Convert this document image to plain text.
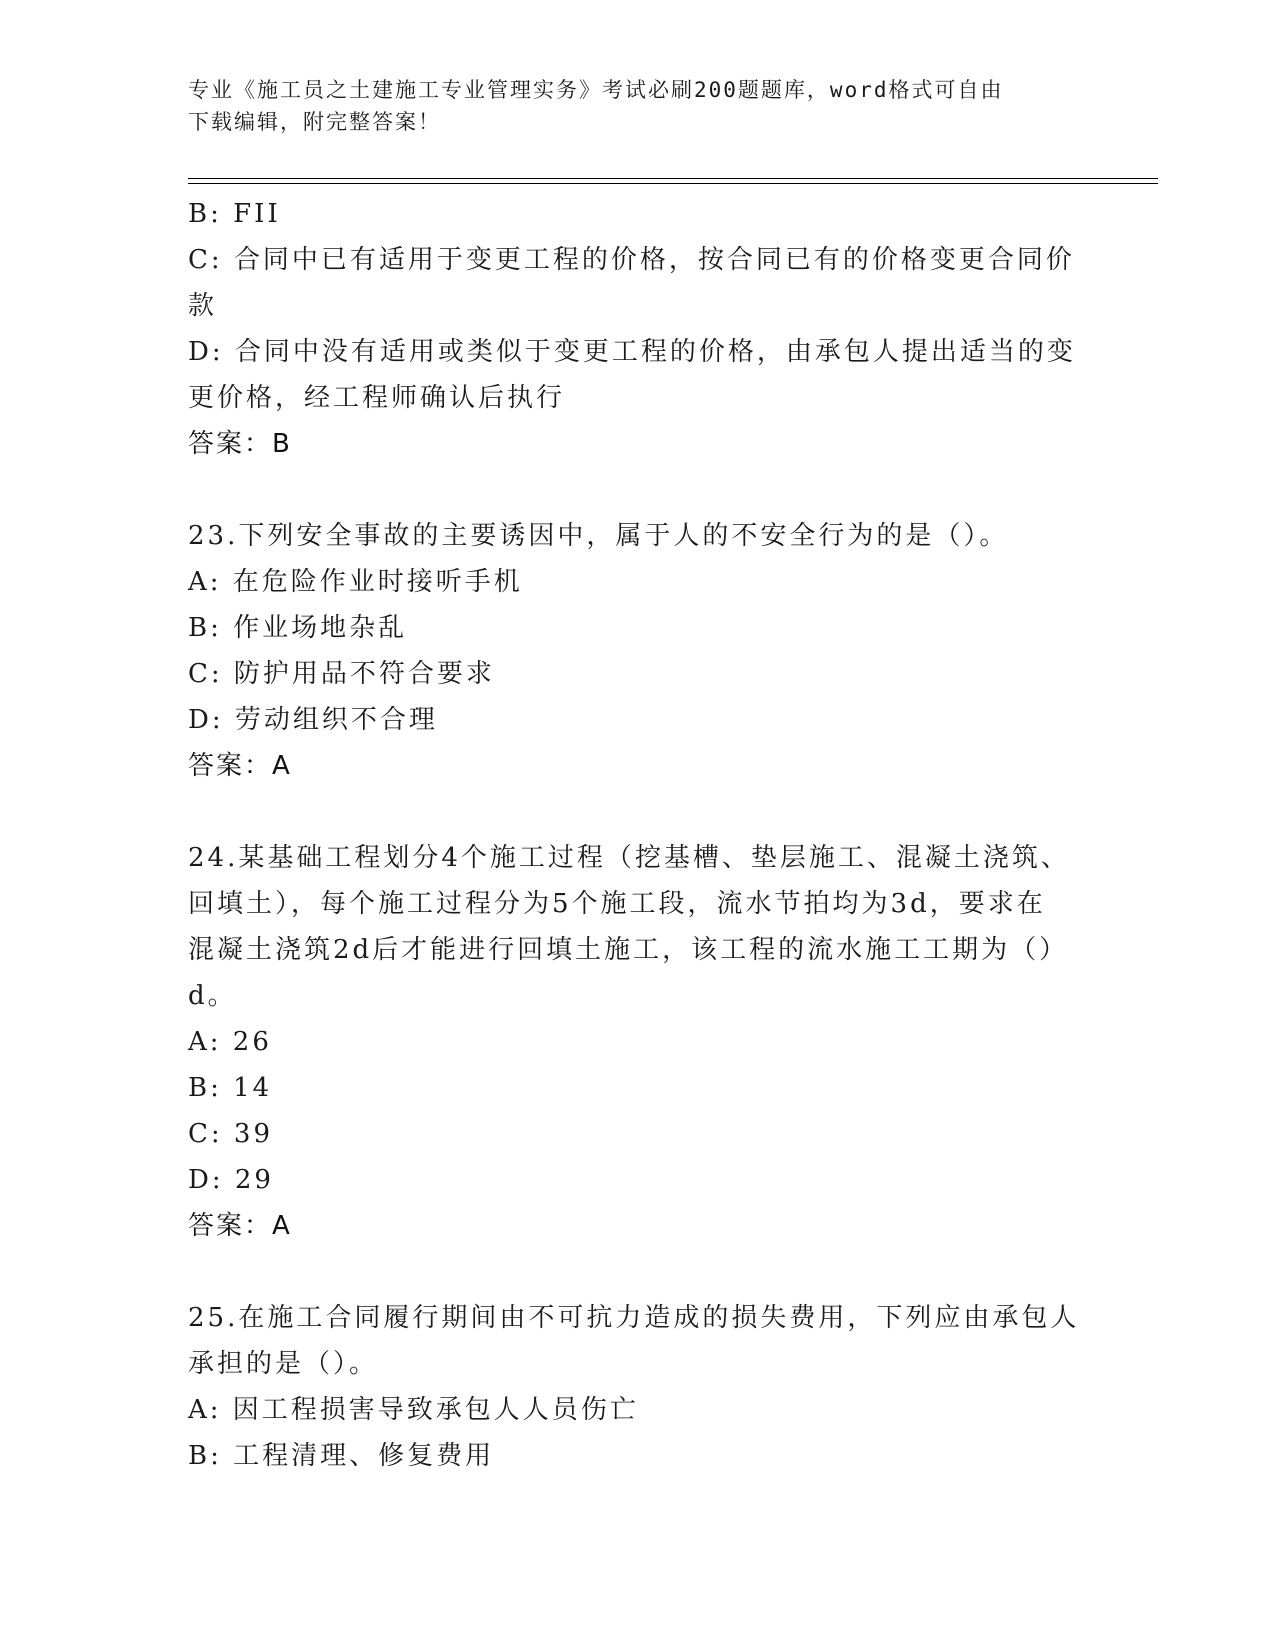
专业《施工员之土建施工专业管理实务》考试必刷200题题库，word格式可自由
下载编辑，附完整答案！
B: FII
C: 合同中已有适用于变更工程的价格，按合同已有的价格变更合同价
款
D: 合同中没有适用或类似于变更工程的价格，由承包人提出适当的变
更价格，经工程师确认后执行
答案：B
23.下列安全事故的主要诱因中，属于人的不安全行为的是（）。
A: 在危险作业时接听手机
B: 作业场地杂乱
C: 防护用品不符合要求
D: 劳动组织不合理
答案：A
24.某基础工程划分4个施工过程（挖基槽、垫层施工、混凝土浇筑、
回填土），每个施工过程分为5个施工段，流水节拍均为3d，要求在
混凝土浇筑2d后才能进行回填土施工，该工程的流水施工工期为（）
d。
A: 26
B: 14
C: 39
D: 29
答案：A
25.在施工合同履行期间由不可抗力造成的损失费用，下列应由承包人
承担的是（）。
A: 因工程损害导致承包人人员伤亡
B: 工程清理、修复费用
